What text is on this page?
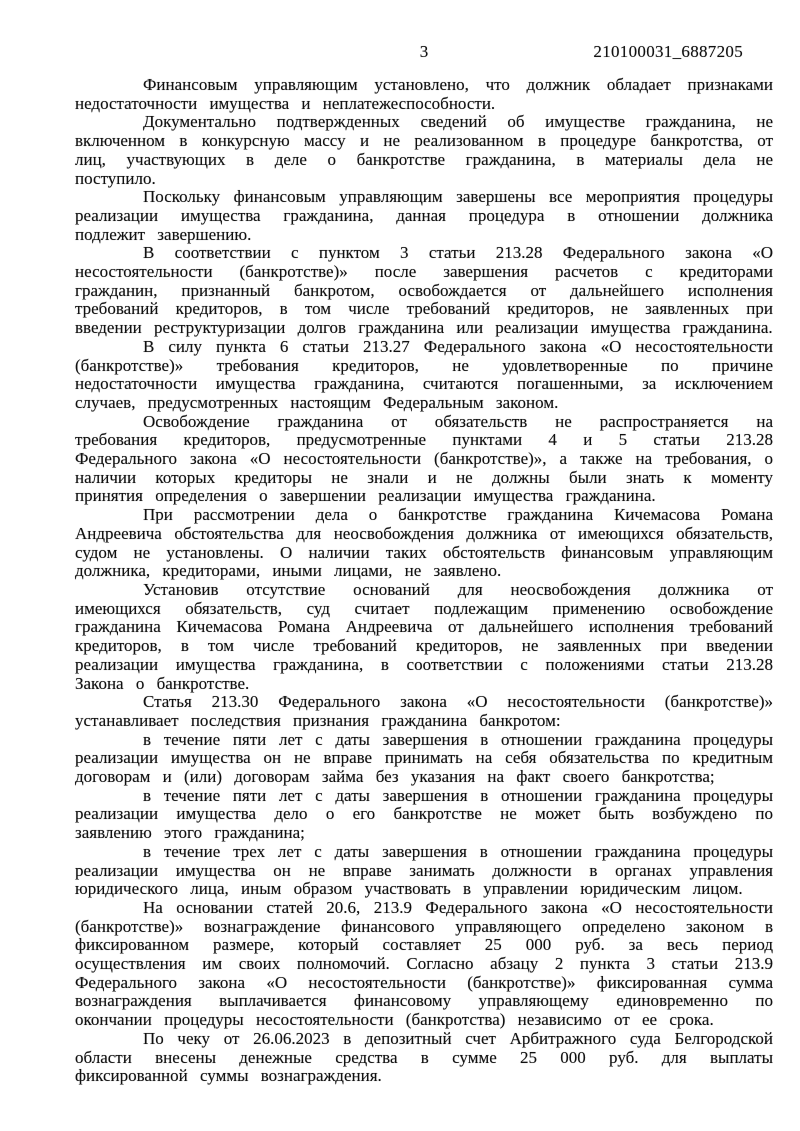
3	210100031_6887205

Финансовым управляющим установлено, что должник обладает признаками недостаточности имущества и неплатежеспособности.

Документально подтвержденных сведений об имуществе гражданина, не включенном в конкурсную массу и не реализованном в процедуре банкротства, от лиц, участвующих в деле о банкротстве гражданина, в материалы дела не поступило.

Поскольку финансовым управляющим завершены все мероприятия процедуры реализации имущества гражданина, данная процедура в отношении должника подлежит завершению.

В соответствии с пунктом 3 статьи 213.28 Федерального закона «О несостоятельности (банкротстве)» после завершения расчетов с кредиторами гражданин, признанный банкротом, освобождается от дальнейшего исполнения требований кредиторов, в том числе требований кредиторов, не заявленных при введении реструктуризации долгов гражданина или реализации имущества гражданина.

В силу пункта 6 статьи 213.27 Федерального закона «О несостоятельности (банкротстве)» требования кредиторов, не удовлетворенные по причине недостаточности имущества гражданина, считаются погашенными, за исключением случаев, предусмотренных настоящим Федеральным законом.

Освобождение гражданина от обязательств не распространяется на требования кредиторов, предусмотренные пунктами 4 и 5 статьи 213.28 Федерального закона «О несостоятельности (банкротстве)», а также на требования, о наличии которых кредиторы не знали и не должны были знать к моменту принятия определения о завершении реализации имущества гражданина.

При рассмотрении дела о банкротстве гражданина Кичемасова Романа Андреевича обстоятельства для неосвобождения должника от имеющихся обязательств, судом не установлены. О наличии таких обстоятельств финансовым управляющим должника, кредиторами, иными лицами, не заявлено.

Установив отсутствие оснований для неосвобождения должника от имеющихся обязательств, суд считает подлежащим применению освобождение гражданина Кичемасова Романа Андреевича от дальнейшего исполнения требований кредиторов, в том числе требований кредиторов, не заявленных при введении реализации имущества гражданина, в соответствии с положениями статьи 213.28 Закона о банкротстве.

Статья 213.30 Федерального закона «О несостоятельности (банкротстве)» устанавливает последствия признания гражданина банкротом:

в течение пяти лет с даты завершения в отношении гражданина процедуры реализации имущества он не вправе принимать на себя обязательства по кредитным договорам и (или) договорам займа без указания на факт своего банкротства;

в течение пяти лет с даты завершения в отношении гражданина процедуры реализации имущества дело о его банкротстве не может быть возбуждено по заявлению этого гражданина;

в течение трех лет с даты завершения в отношении гражданина процедуры реализации имущества он не вправе занимать должности в органах управления юридического лица, иным образом участвовать в управлении юридическим лицом.

На основании статей 20.6, 213.9 Федерального закона «О несостоятельности (банкротстве)» вознаграждение финансового управляющего определено законом в фиксированном размере, который составляет 25 000 руб. за весь период осуществления им своих полномочий. Согласно абзацу 2 пункта 3 статьи 213.9 Федерального закона «О несостоятельности (банкротстве)» фиксированная сумма вознаграждения выплачивается финансовому управляющему единовременно по окончании процедуры несостоятельности (банкротства) независимо от ее срока.

По чеку от 26.06.2023 в депозитный счет Арбитражного суда Белгородской области внесены денежные средства в сумме 25 000 руб. для выплаты фиксированной суммы вознаграждения.
